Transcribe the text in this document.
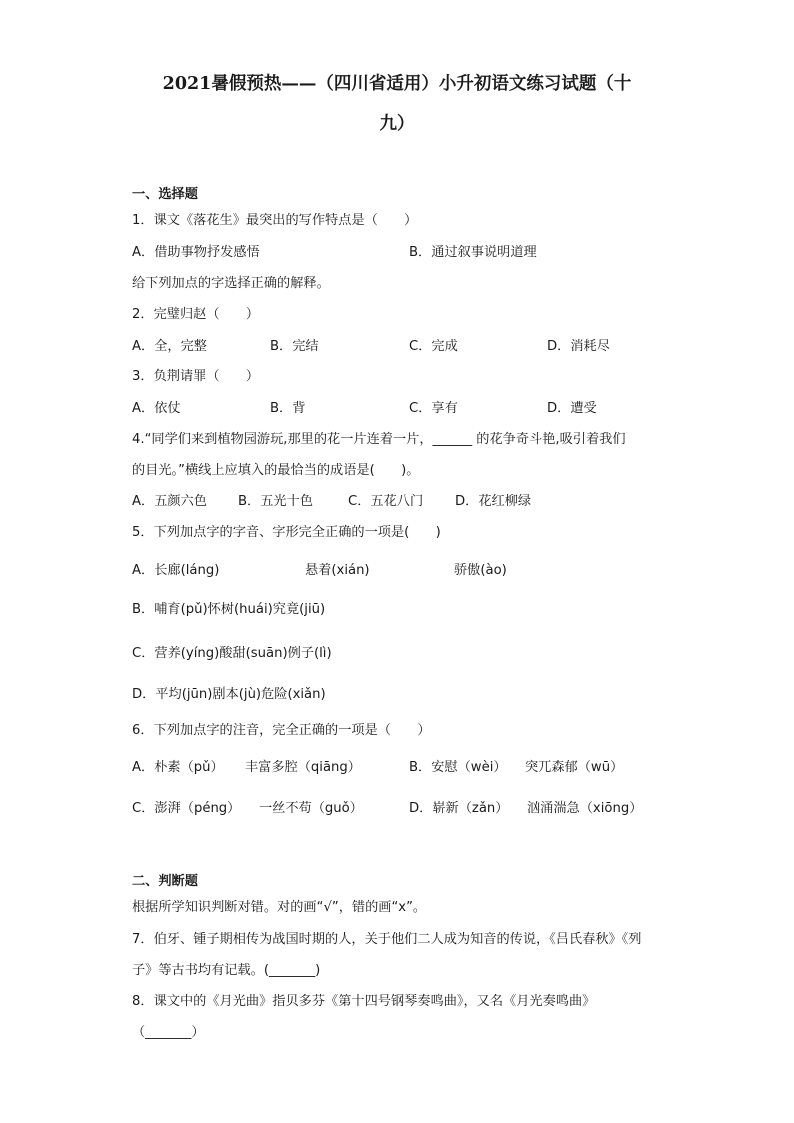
2021暑假预热——（四川省适用）小升初语文练习试题（十
九）
一、选择题
1．课文《落花生》最突出的写作特点是（　　）
A．借助事物抒发感悟	B．通过叙事说明道理
给下列加点的字选择正确的解释。
2．完璧归赵（　　）
A．全，完整	B．完结	C．完成	D．消耗尽
3．负荆请罪（　　）
A．依仗	B．背	C．享有	D．遭受
4.“同学们来到植物园游玩,那里的花一片连着一片，______ 的花争奇斗艳,吸引着我们
的目光。”横线上应填入的最恰当的成语是(　　)。
A．五颜六色 B．五光十色	C．五花八门 D．花红柳绿
5．下列加点字的字音、字形完全正确的一项是(　　)
A．长廊(láng)	悬着(xián)	骄傲(ào)
B．哺育(pǔ)怀树(huái)究竟(jiū)
C．营养(yíng)酸甜(suān)例子(lì)
D．平均(jūn)剧本(jù)危险(xiǎn)
6．下列加点字的注音，完全正确的一项是（　　）
A．朴素（pǔ） 丰富多腔（qiāng）	B．安慰（wèi） 突兀森郁（wū）
C．澎湃（péng） 一丝不苟（guǒ）	D．崭新（zǎn） 汹涌湍急（xiōng）
二、判断题
根据所学知识判断对错。对的画“√”，错的画“x”。
7．伯牙、锺子期相传为战国时期的人，关于他们二人成为知音的传说，《吕氏春秋》《列
子》等古书均有记载。(_______)
8．课文中的《月光曲》指贝多芬《第十四号钢琴奏鸣曲》，又名《月光奏鸣曲》
（_______）
